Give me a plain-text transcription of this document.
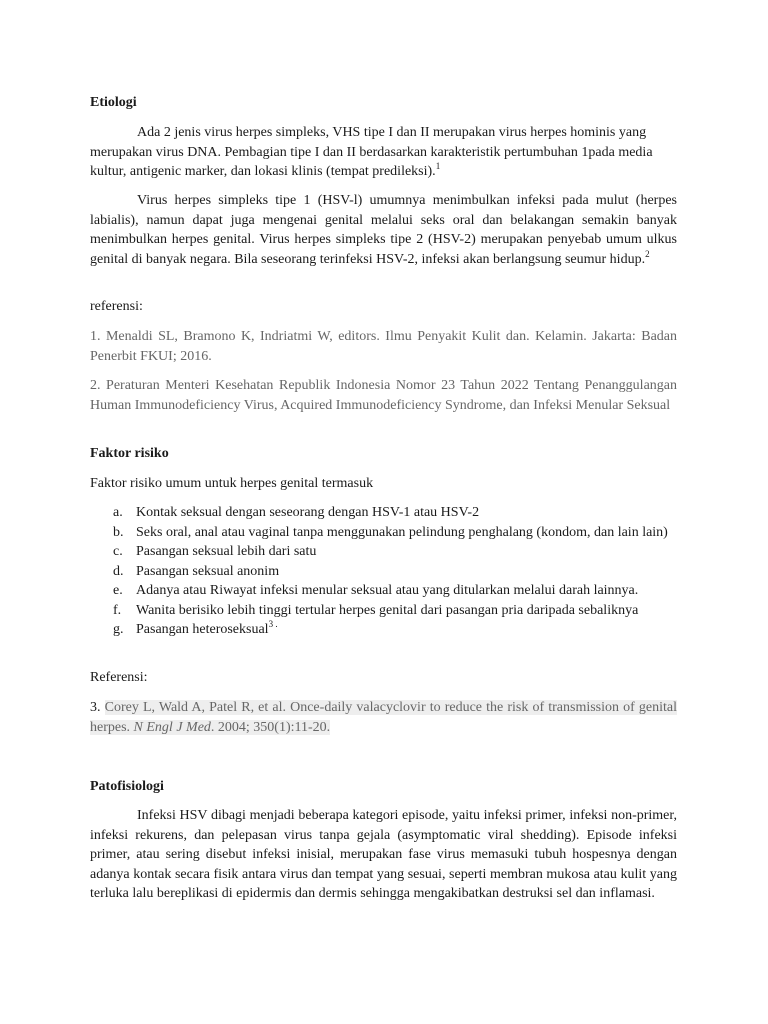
Etiologi

Ada 2 jenis virus herpes simpleks, VHS tipe I dan II merupakan virus herpes hominis yang merupakan virus DNA. Pembagian tipe I dan II berdasarkan karakteristik pertumbuhan 1pada media kultur, antigenic marker, dan lokasi klinis (tempat predileksi).$^1$

Virus herpes simpleks tipe 1 (HSV-l) umumnya menimbulkan infeksi pada mulut (herpes labialis), namun dapat juga mengenai genital melalui seks oral dan belakangan semakin banyak menimbulkan herpes genital. Virus herpes simpleks tipe 2 (HSV-2) merupakan penyebab umum ulkus genital di banyak negara. Bila seseorang terinfeksi HSV-2, infeksi akan berlangsung seumur hidup.$^2$

referensi:

1. Menaldi SL, Bramono K, Indriatmi W, editors. Ilmu Penyakit Kulit dan. Kelamin. Jakarta: Badan Penerbit FKUI; 2016.

2. Peraturan Menteri Kesehatan Republik Indonesia Nomor 23 Tahun 2022 Tentang Penanggulangan Human Immunodeficiency Virus, Acquired Immunodeficiency Syndrome, dan Infeksi Menular Seksual

Faktor risiko
Faktor risiko umum untuk herpes genital termasuk
a. Kontak seksual dengan seseorang dengan HSV-1 atau HSV-2
b. Seks oral, anal atau vaginal tanpa menggunakan pelindung penghalang (kondom, dan lain lain)
c. Pasangan seksual lebih dari satu
d. Pasangan seksual anonim
e. Adanya atau Riwayat infeksi menular seksual atau yang ditularkan melalui darah lainnya.
f. Wanita berisiko lebih tinggi tertular herpes genital dari pasangan pria daripada sebaliknya
g. Pasangan heteroseksual$^{3 .}$
Referensi:

3. Corey L, Wald A, Patel R, et al. Once-daily valacyclovir to reduce the risk of transmission of genital herpes. N Engl J Med. 2004; 350(1):11-20.

Patofisiologi

Infeksi HSV dibagi menjadi beberapa kategori episode, yaitu infeksi primer, infeksi non-primer, infeksi rekurens, dan pelepasan virus tanpa gejala (asymptomatic viral shedding). Episode infeksi primer, atau sering disebut infeksi inisial, merupakan fase virus memasuki tubuh hospesnya dengan adanya kontak secara fisik antara virus dan tempat yang sesuai, seperti membran mukosa atau kulit yang terluka lalu bereplikasi di epidermis dan dermis sehingga mengakibatkan destruksi sel dan inflamasi.
